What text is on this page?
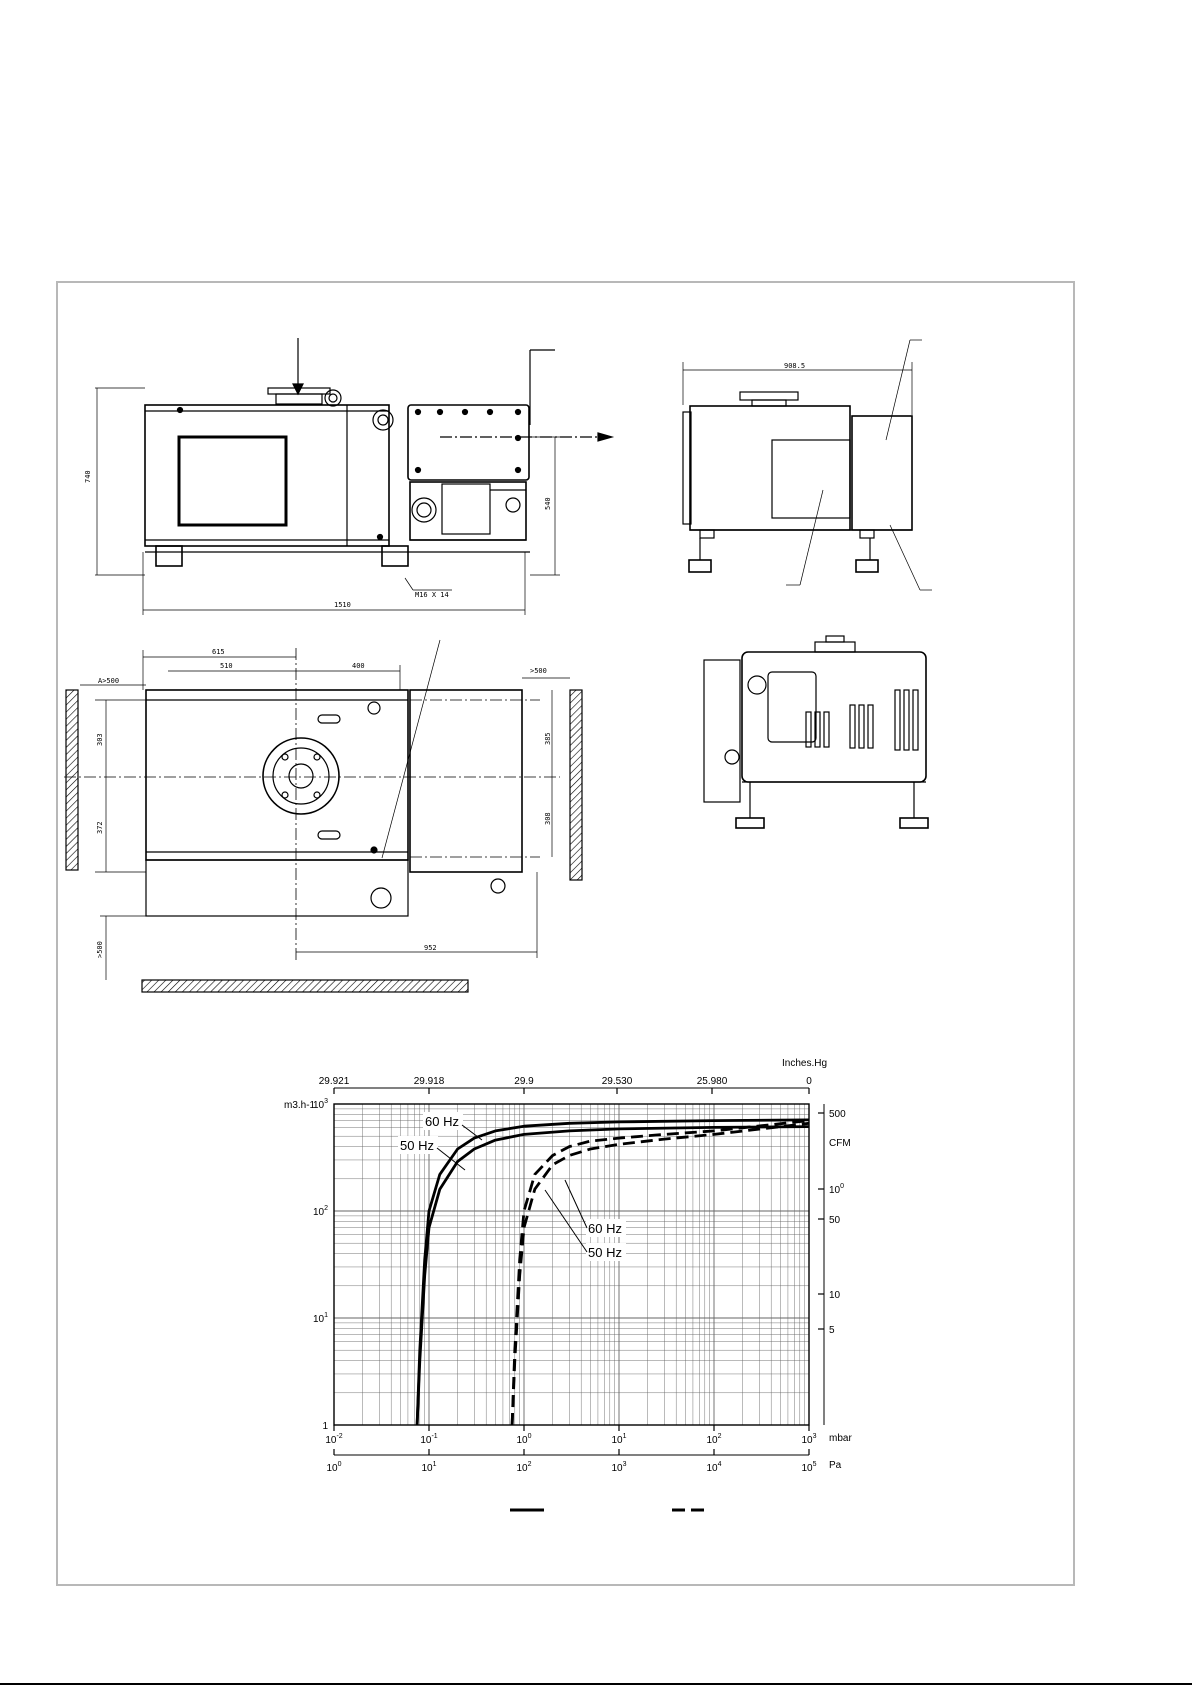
740
540
1510
M16 X 14
908.5
615
510	400
A>500
>500
303
372
385
308
952
>500
$10^{-2}$	$10^{-1}$	$10^0$	$10^1$	$10^2$	$10^3$
$10^0$	$10^1$	$10^2$	$10^3$	$10^4$	$10^5$
29.921	29.918	29.9	29.530	25.980	0
1
$10^1$
$10^2$
$10^3$
500
$10^0$
50
10
5
60 Hz
50 Hz
60 Hz
50 Hz
Inches.Hg
m3.h-1
CFM
mbar
Pa
